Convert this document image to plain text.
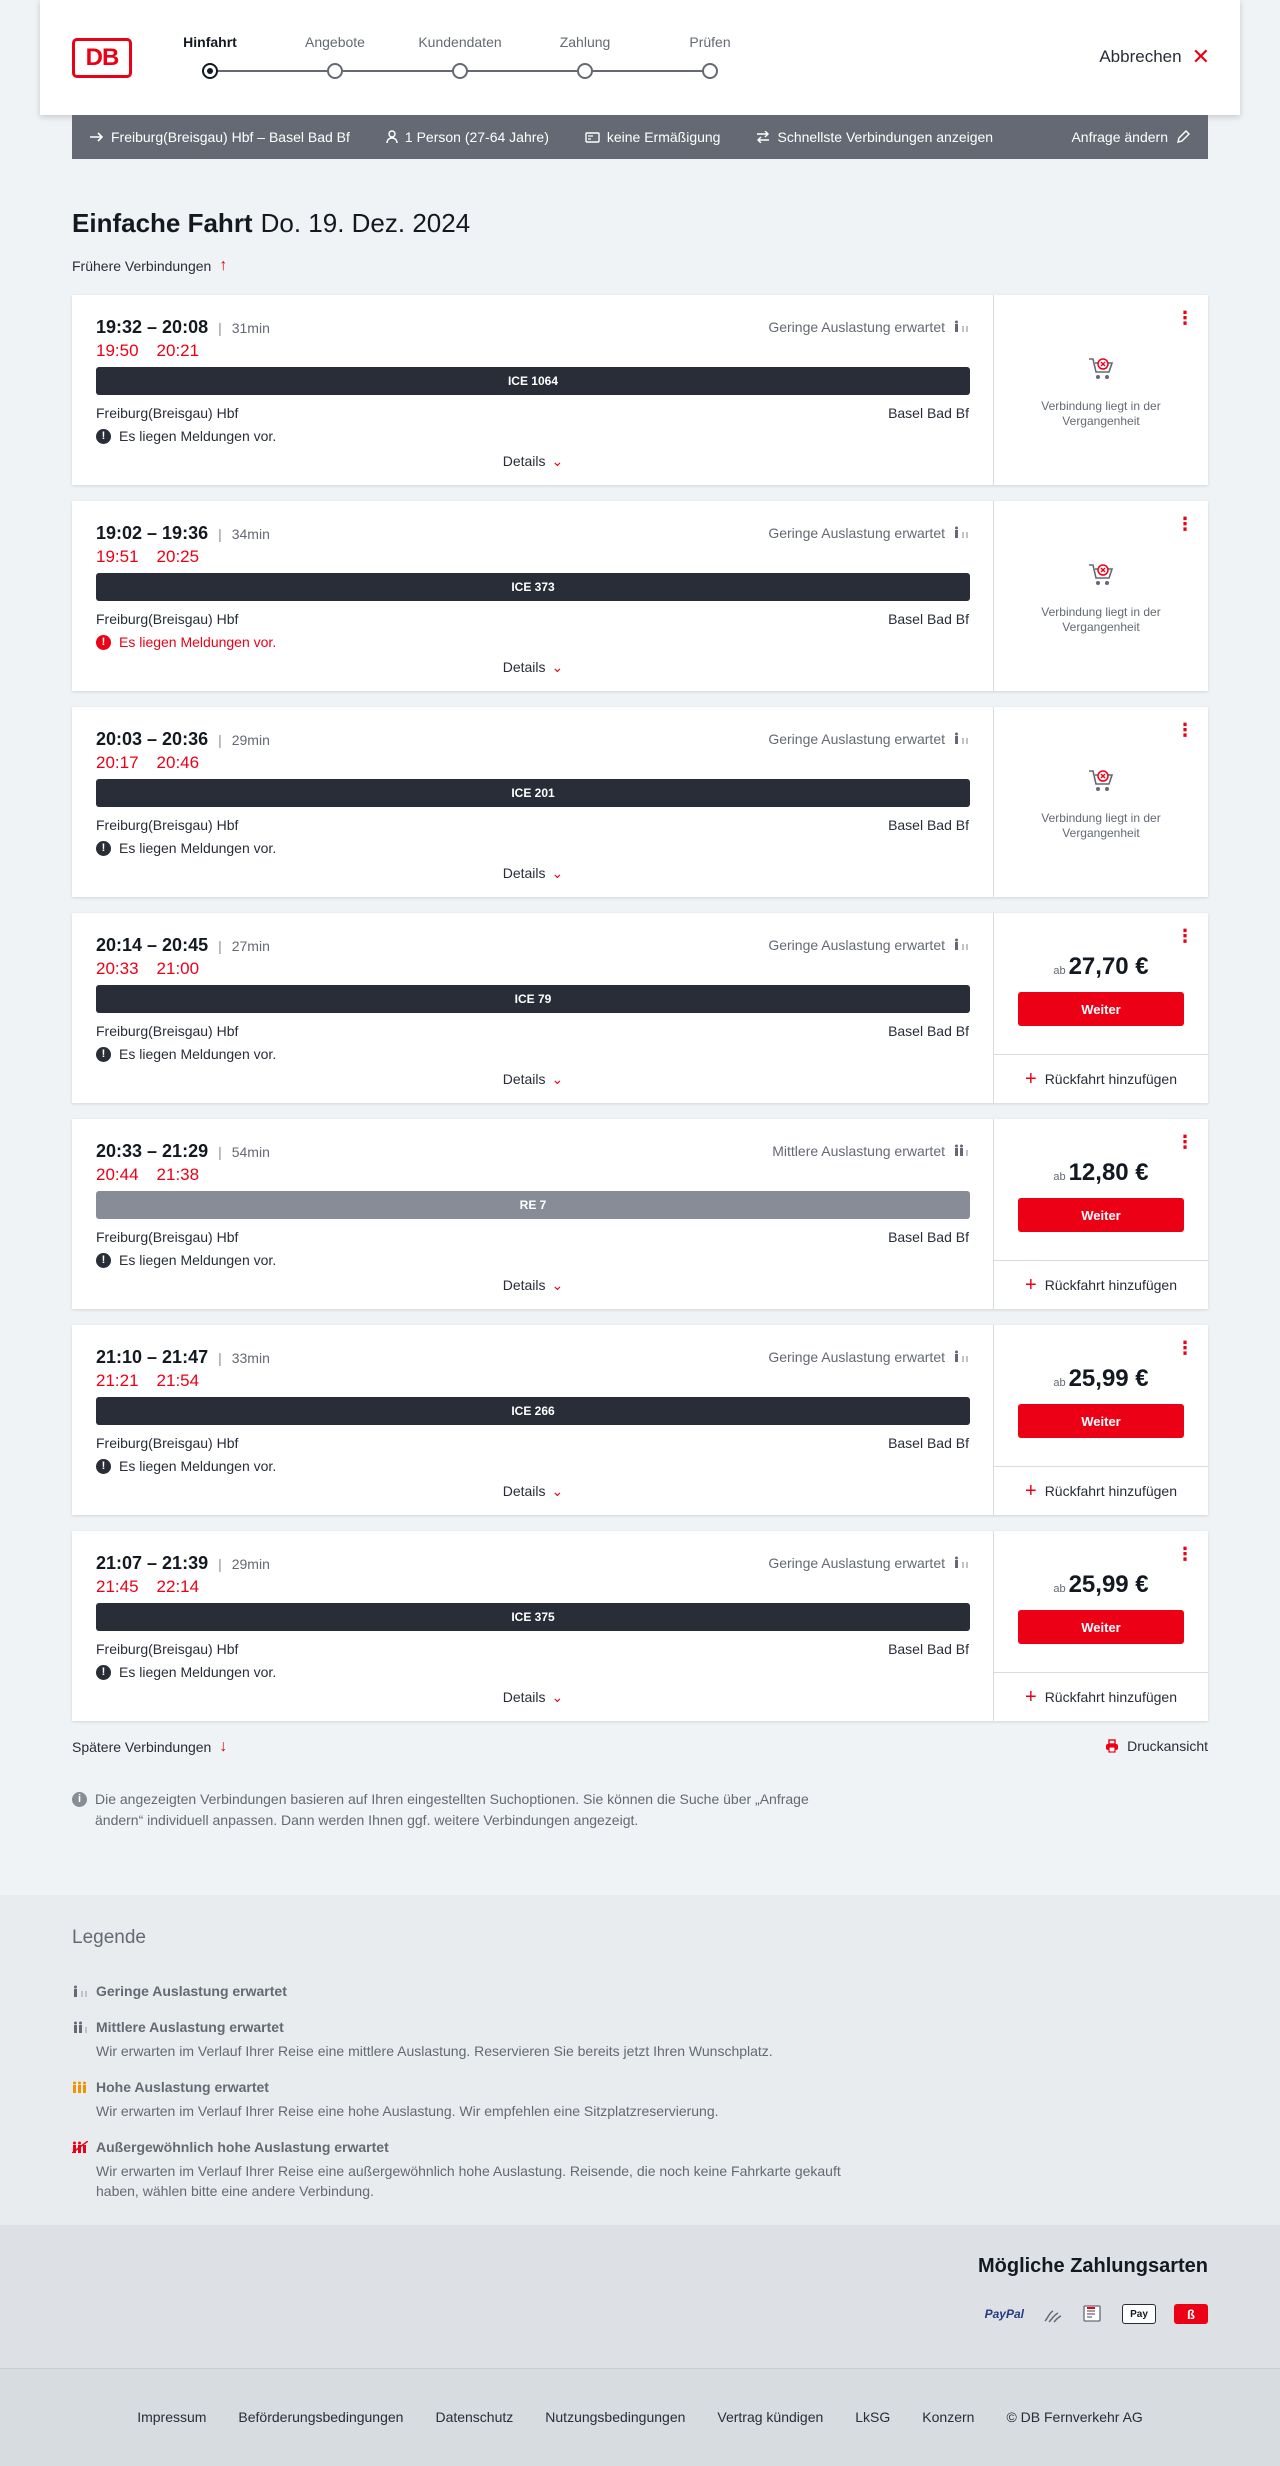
DB
Hinfahrt	Angebote	Kundendaten	Zahlung	Prüfen
Abbrechen ✕
Freiburg(Breisgau) Hbf – Basel Bad Bf	1 Person (27-64 Jahre)	keine Ermäßigung	Schnellste Verbindungen anzeigen	Anfrage ändern
Einfache Fahrt Do. 19. Dez. 2024
Frühere Verbindungen ↑
19:32 – 20:08 | 31min
19:50 20:21
Geringe Auslastung erwartet
ICE 1064
Freiburg(Breisgau) Hbf	Basel Bad Bf
! Es liegen Meldungen vor.
Details ⌄
⋮
Verbindung liegt in der Vergangenheit
19:02 – 19:36 | 34min
19:51 20:25
Geringe Auslastung erwartet
ICE 373
Freiburg(Breisgau) Hbf	Basel Bad Bf
! Es liegen Meldungen vor.
Details ⌄
⋮
Verbindung liegt in der Vergangenheit
20:03 – 20:36 | 29min
20:17 20:46
Geringe Auslastung erwartet
ICE 201
Freiburg(Breisgau) Hbf	Basel Bad Bf
! Es liegen Meldungen vor.
Details ⌄
⋮
Verbindung liegt in der Vergangenheit
20:14 – 20:45 | 27min
20:33 21:00
Geringe Auslastung erwartet
ICE 79
Freiburg(Breisgau) Hbf	Basel Bad Bf
! Es liegen Meldungen vor.
Details ⌄
⋮
ab 27,70 €
Weiter
+ Rückfahrt hinzufügen
20:33 – 21:29 | 54min
20:44 21:38
Mittlere Auslastung erwartet
RE 7
Freiburg(Breisgau) Hbf	Basel Bad Bf
! Es liegen Meldungen vor.
Details ⌄
⋮
ab 12,80 €
Weiter
+ Rückfahrt hinzufügen
21:10 – 21:47 | 33min
21:21 21:54
Geringe Auslastung erwartet
ICE 266
Freiburg(Breisgau) Hbf	Basel Bad Bf
! Es liegen Meldungen vor.
Details ⌄
⋮
ab 25,99 €
Weiter
+ Rückfahrt hinzufügen
21:07 – 21:39 | 29min
21:45 22:14
Geringe Auslastung erwartet
ICE 375
Freiburg(Breisgau) Hbf	Basel Bad Bf
! Es liegen Meldungen vor.
Details ⌄
⋮
ab 25,99 €
Weiter
+ Rückfahrt hinzufügen
Spätere Verbindungen ↓	Druckansicht
i Die angezeigten Verbindungen basieren auf Ihren eingestellten Suchoptionen. Sie können die Suche über „Anfrage ändern“ individuell anpassen. Dann werden Ihnen ggf. weitere Verbindungen angezeigt.
Legende
Geringe Auslastung erwartet
Mittlere Auslastung erwartet
Wir erwarten im Verlauf Ihrer Reise eine mittlere Auslastung. Reservieren Sie bereits jetzt Ihren Wunschplatz.
Hohe Auslastung erwartet
Wir erwarten im Verlauf Ihrer Reise eine hohe Auslastung. Wir empfehlen eine Sitzplatzreservierung.
Außergewöhnlich hohe Auslastung erwartet
Wir erwarten im Verlauf Ihrer Reise eine außergewöhnlich hohe Auslastung. Reisende, die noch keine Fahrkarte gekauft haben, wählen bitte eine andere Verbindung.
Mögliche Zahlungsarten
PayPal	Pay	ß
Impressum Beförderungsbedingungen Datenschutz Nutzungsbedingungen Vertrag kündigen LkSG Konzern © DB Fernverkehr AG
